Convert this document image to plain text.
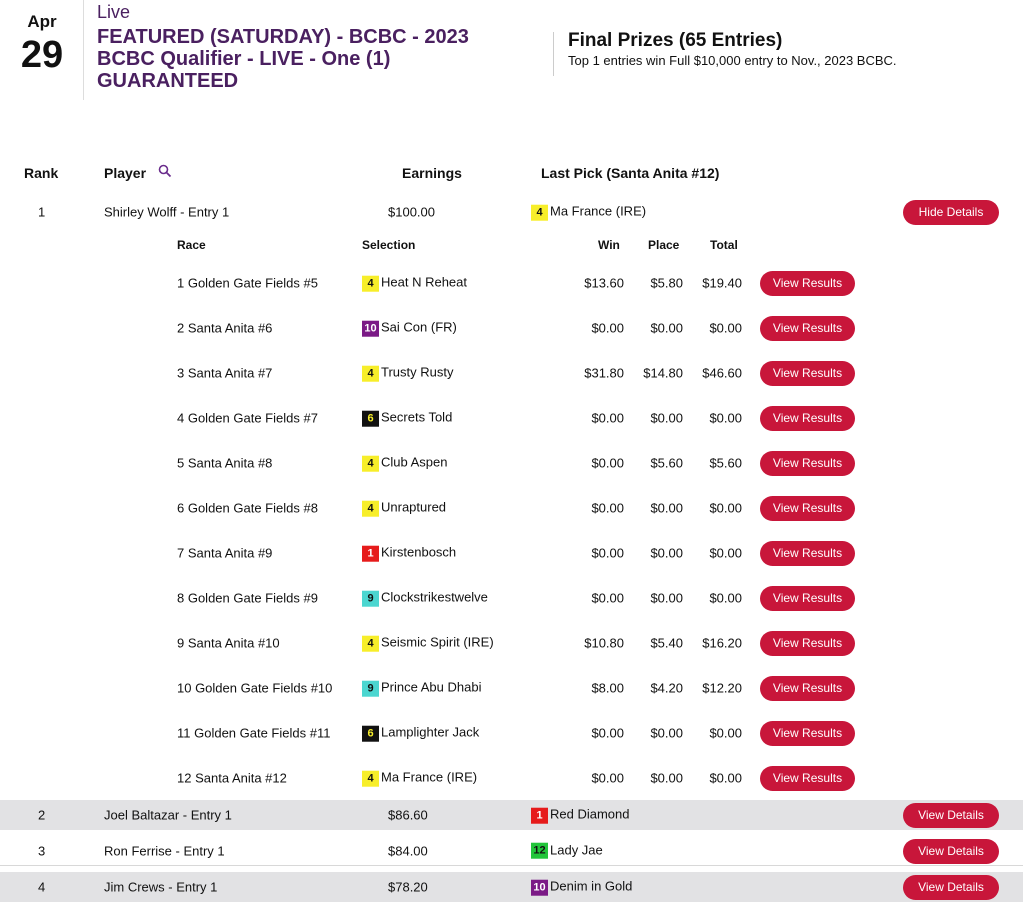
Apr
29
Live
FEATURED (SATURDAY) - BCBC - 2023 BCBC Qualifier - LIVE - One (1) GUARANTEED
Final Prizes (65 Entries)
Top 1 entries win Full $10,000 entry to Nov., 2023 BCBC.
Rank	Player	Earnings	Last Pick (Santa Anita #12)
1	Shirley Wolff - Entry 1	$100.00	4 Ma France (IRE)	Hide Details
2	Joel Baltazar - Entry 1	$86.60	1 Red Diamond	View Details
3	Ron Ferrise - Entry 1	$84.00	12 Lady Jae	View Details
4	Jim Crews - Entry 1	$78.20	10 Denim in Gold	View Details
Race	Selection	Win Place	Total
1 Golden Gate Fields #5	4 Heat N Reheat	$13.60 $5.80 $19.40	View Results
2 Santa Anita #6	10 Sai Con (FR)	$0.00 $0.00 $0.00	View Results
3 Santa Anita #7	4 Trusty Rusty	$31.80 $14.80 $46.60	View Results
4 Golden Gate Fields #7	6 Secrets Told	$0.00 $0.00 $0.00	View Results
5 Santa Anita #8	4 Club Aspen	$0.00 $5.60 $5.60	View Results
6 Golden Gate Fields #8	4 Unraptured	$0.00 $0.00 $0.00	View Results
7 Santa Anita #9	1 Kirstenbosch	$0.00 $0.00 $0.00	View Results
8 Golden Gate Fields #9	9 Clockstrikestwelve	$0.00 $0.00 $0.00	View Results
9 Santa Anita #10	4 Seismic Spirit (IRE)	$10.80 $5.40 $16.20	View Results
10 Golden Gate Fields #10	9 Prince Abu Dhabi	$8.00 $4.20 $12.20	View Results
11 Golden Gate Fields #11	6 Lamplighter Jack	$0.00 $0.00 $0.00	View Results
12 Santa Anita #12	4 Ma France (IRE)	$0.00 $0.00 $0.00	View Results
